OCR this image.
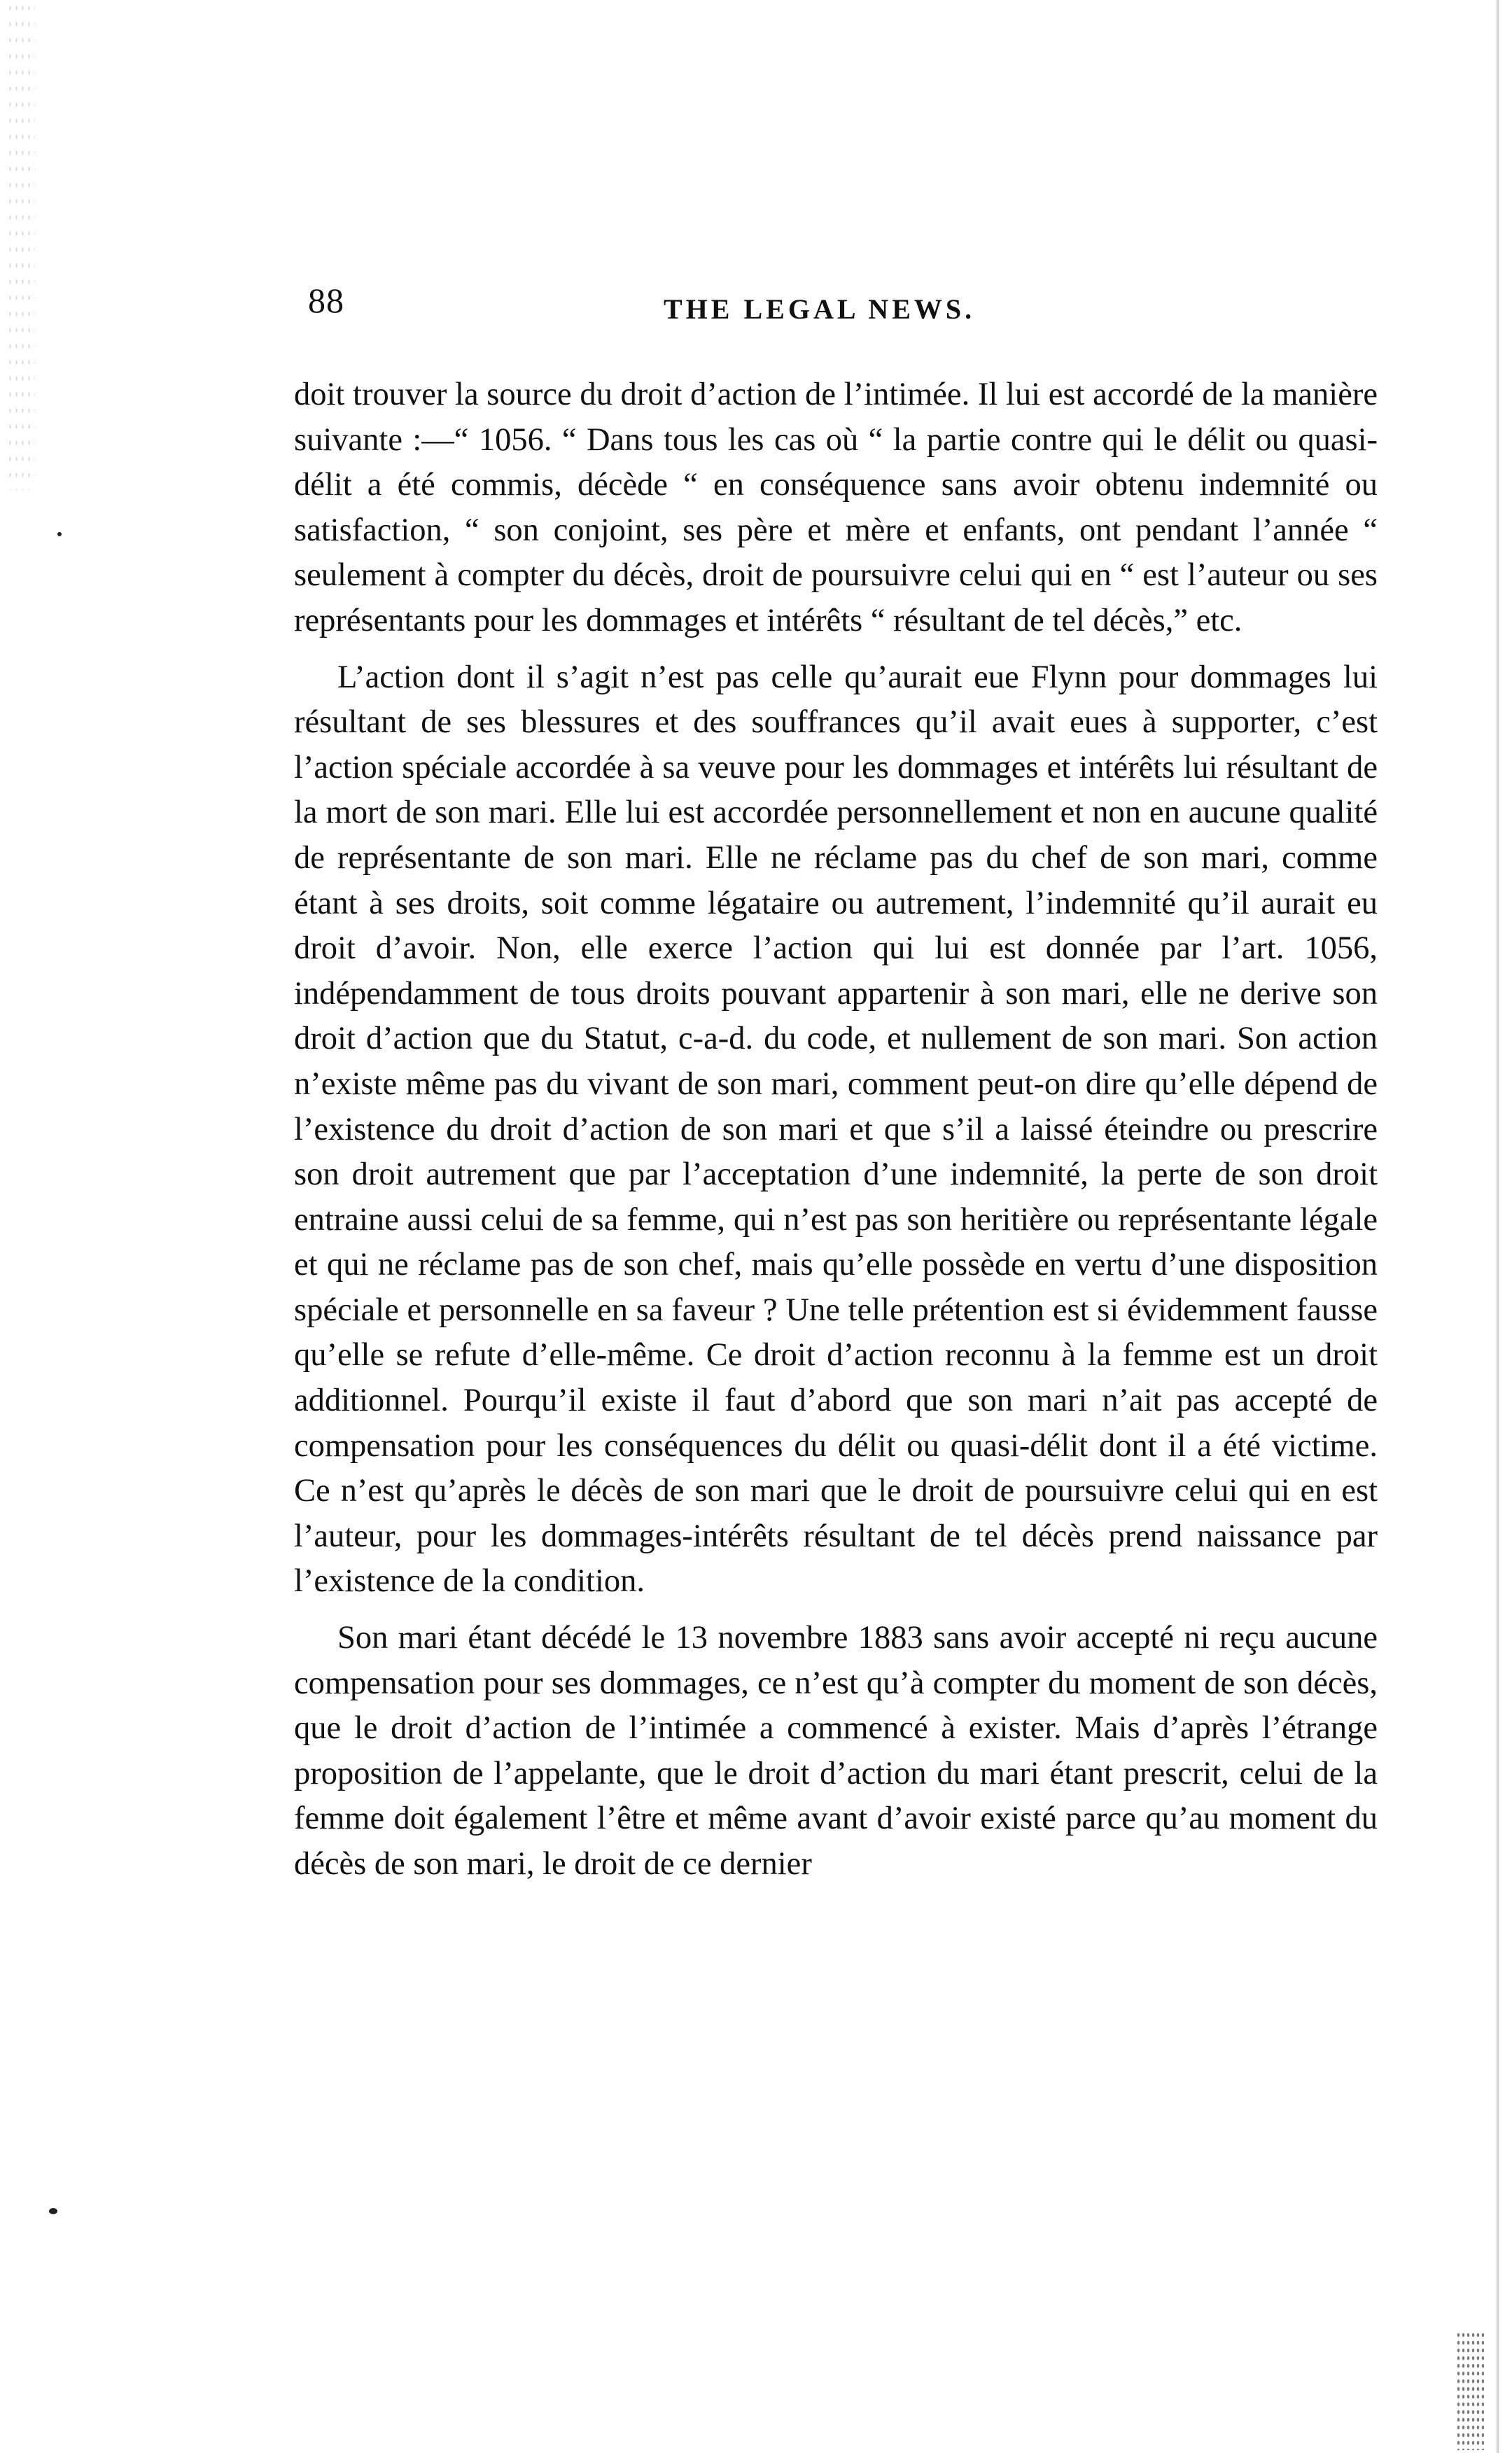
88	THE LEGAL NEWS.

doit trouver la source du droit d’action de l’intimée. Il lui est accordé de la manière suivante :—“ 1056. “ Dans tous les cas où “ la partie contre qui le délit ou quasi-délit a été commis, décède “ en conséquence sans avoir obtenu indemnité ou satisfaction, “ son conjoint, ses père et mère et enfants, ont pendant l’année “ seulement à compter du décès, droit de poursuivre celui qui en “ est l’auteur ou ses représentants pour les dommages et intérêts “ résultant de tel décès,” etc.

L’action dont il s’agit n’est pas celle qu’aurait eue Flynn pour dommages lui résultant de ses blessures et des souffrances qu’il avait eues à supporter, c’est l’action spéciale accordée à sa veuve pour les dommages et intérêts lui résultant de la mort de son mari. Elle lui est accordée personnellement et non en aucune qualité de représentante de son mari. Elle ne réclame pas du chef de son mari, comme étant à ses droits, soit comme légataire ou autrement, l’indemnité qu’il aurait eu droit d’avoir. Non, elle exerce l’action qui lui est donnée par l’art. 1056, indépendamment de tous droits pouvant appartenir à son mari, elle ne derive son droit d’action que du Statut, c-a-d. du code, et nullement de son mari. Son action n’existe même pas du vivant de son mari, comment peut-on dire qu’elle dépend de l’existence du droit d’action de son mari et que s’il a laissé éteindre ou prescrire son droit autrement que par l’acceptation d’une indemnité, la perte de son droit entraine aussi celui de sa femme, qui n’est pas son heritière ou représentante légale et qui ne réclame pas de son chef, mais qu’elle possède en vertu d’une disposition spéciale et personnelle en sa faveur ? Une telle prétention est si évidemment fausse qu’elle se refute d’elle-même. Ce droit d’action reconnu à la femme est un droit additionnel. Pourqu’il existe il faut d’abord que son mari n’ait pas accepté de compensation pour les conséquences du délit ou quasi-délit dont il a été victime. Ce n’est qu’après le décès de son mari que le droit de poursuivre celui qui en est l’auteur, pour les dommages-intérêts résultant de tel décès prend naissance par l’existence de la condition.

Son mari étant décédé le 13 novembre 1883 sans avoir accepté ni reçu aucune compensation pour ses dommages, ce n’est qu’à compter du moment de son décès, que le droit d’action de l’intimée a commencé à exister. Mais d’après l’étrange proposition de l’appelante, que le droit d’action du mari étant prescrit, celui de la femme doit également l’être et même avant d’avoir existé parce qu’au moment du décès de son mari, le droit de ce dernier
